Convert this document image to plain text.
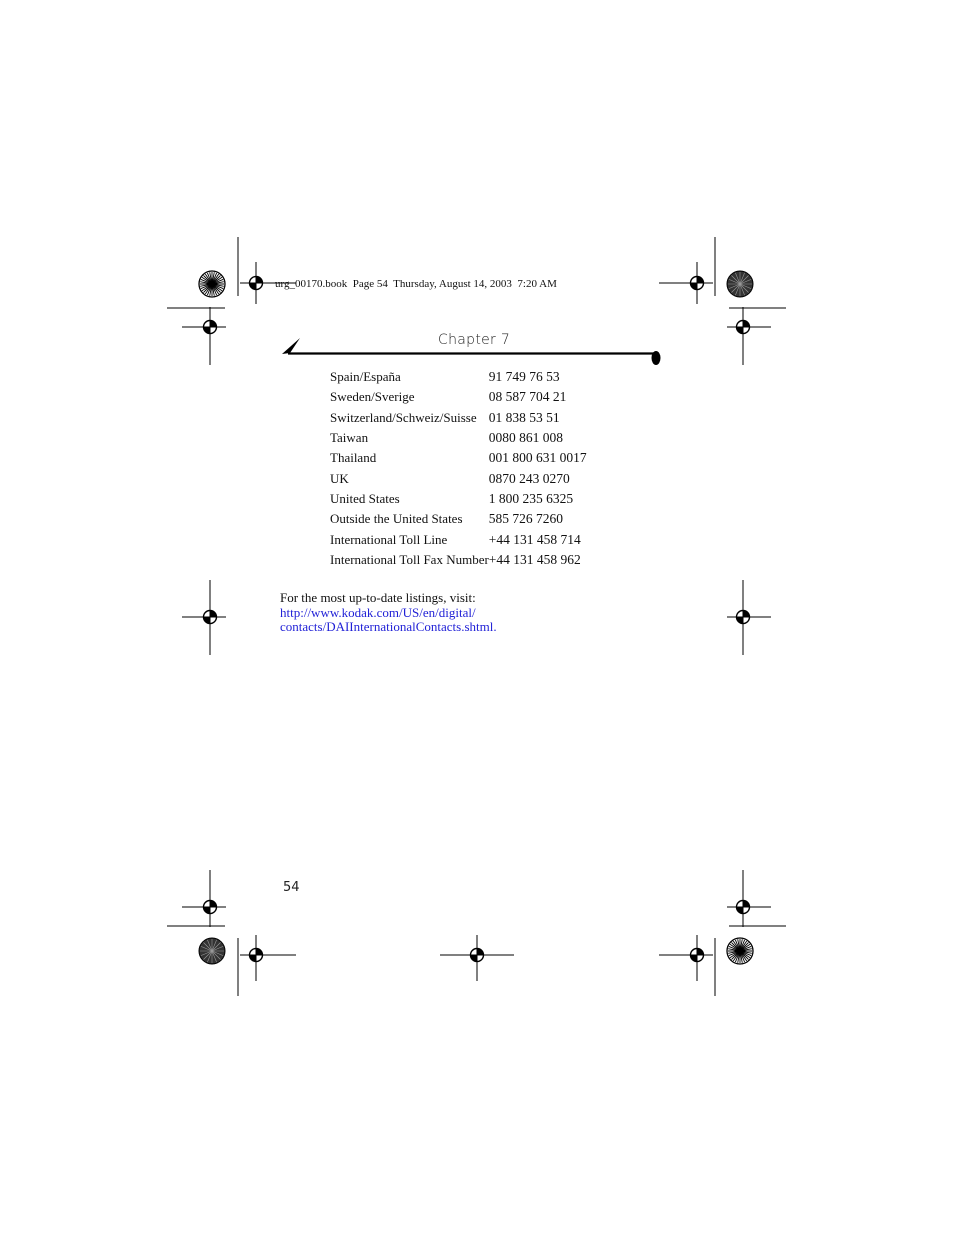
urg_00170.book Page 54 Thursday, August 14, 2003  7:20 AM
Chapter 7
Spain/España	91 749 76 53
Sweden/Sverige	08 587 704 21
Switzerland/Schweiz/Suisse	01 838 53 51
Taiwan	0080 861 008
Thailand	001 800 631 0017
UK	0870 243 0270
United States	1 800 235 6325
Outside the United States	585 726 7260
International Toll Line	+44 131 458 714
International Toll Fax Number	+44 131 458 962
For the most up-to-date listings, visit: http://www.kodak.com/US/en/digital/
contacts/DAIInternationalContacts.shtml.
54
